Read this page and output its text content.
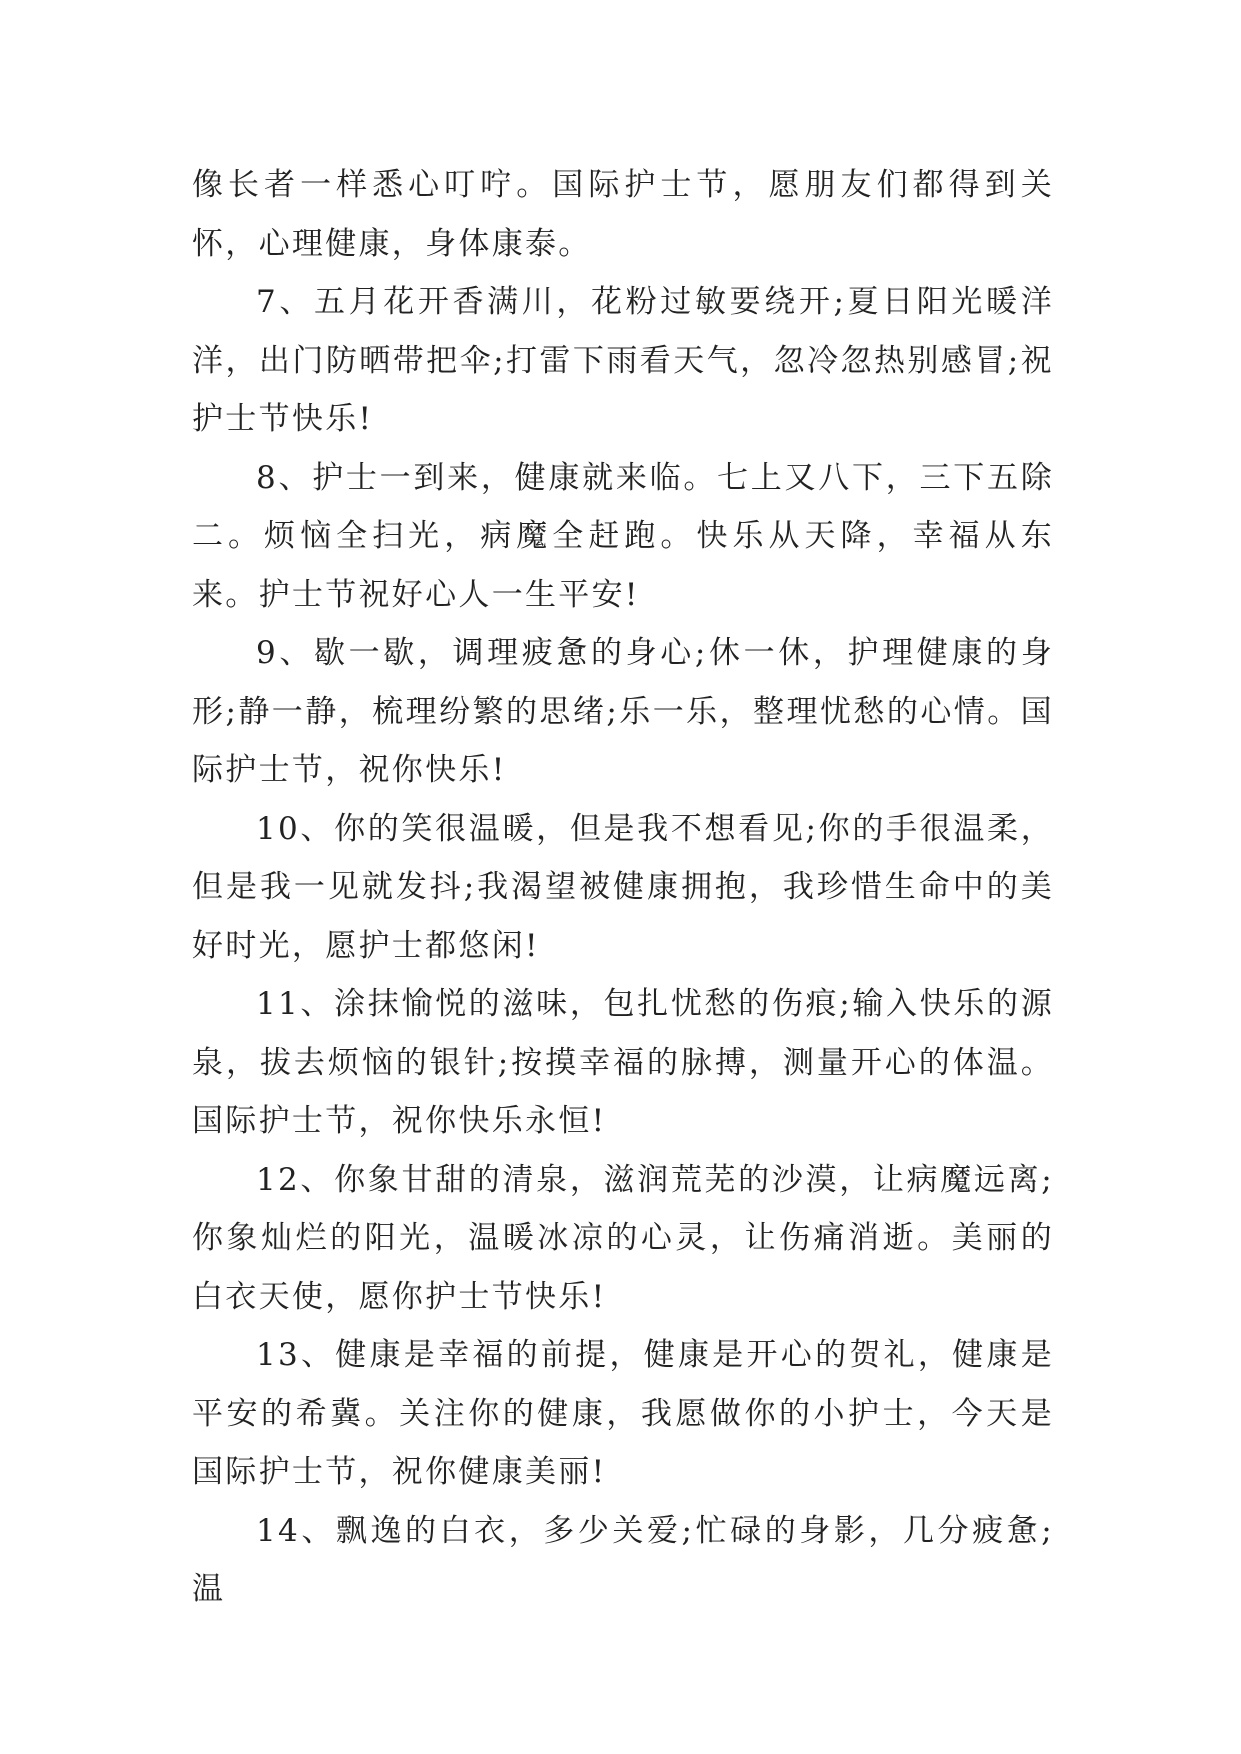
像长者一样悉心叮咛。国际护士节，愿朋友们都得到关怀，心理健康，身体康泰。

7、五月花开香满川，花粉过敏要绕开;夏日阳光暖洋洋，出门防晒带把伞;打雷下雨看天气，忽冷忽热别感冒;祝护士节快乐!

8、护士一到来，健康就来临。七上又八下，三下五除二。烦恼全扫光，病魔全赶跑。快乐从天降，幸福从东来。护士节祝好心人一生平安!

9、歇一歇，调理疲惫的身心;休一休，护理健康的身形;静一静，梳理纷繁的思绪;乐一乐，整理忧愁的心情。国际护士节，祝你快乐!

10、你的笑很温暖，但是我不想看见;你的手很温柔，但是我一见就发抖;我渴望被健康拥抱，我珍惜生命中的美好时光，愿护士都悠闲!

11、涂抹愉悦的滋味，包扎忧愁的伤痕;输入快乐的源泉，拔去烦恼的银针;按摸幸福的脉搏，测量开心的体温。国际护士节，祝你快乐永恒!

12、你象甘甜的清泉，滋润荒芜的沙漠，让病魔远离;你象灿烂的阳光，温暖冰凉的心灵，让伤痛消逝。美丽的白衣天使，愿你护士节快乐!

13、健康是幸福的前提，健康是开心的贺礼，健康是平安的希冀。关注你的健康，我愿做你的小护士，今天是国际护士节，祝你健康美丽!

14、飘逸的白衣，多少关爱;忙碌的身影，几分疲惫;温
